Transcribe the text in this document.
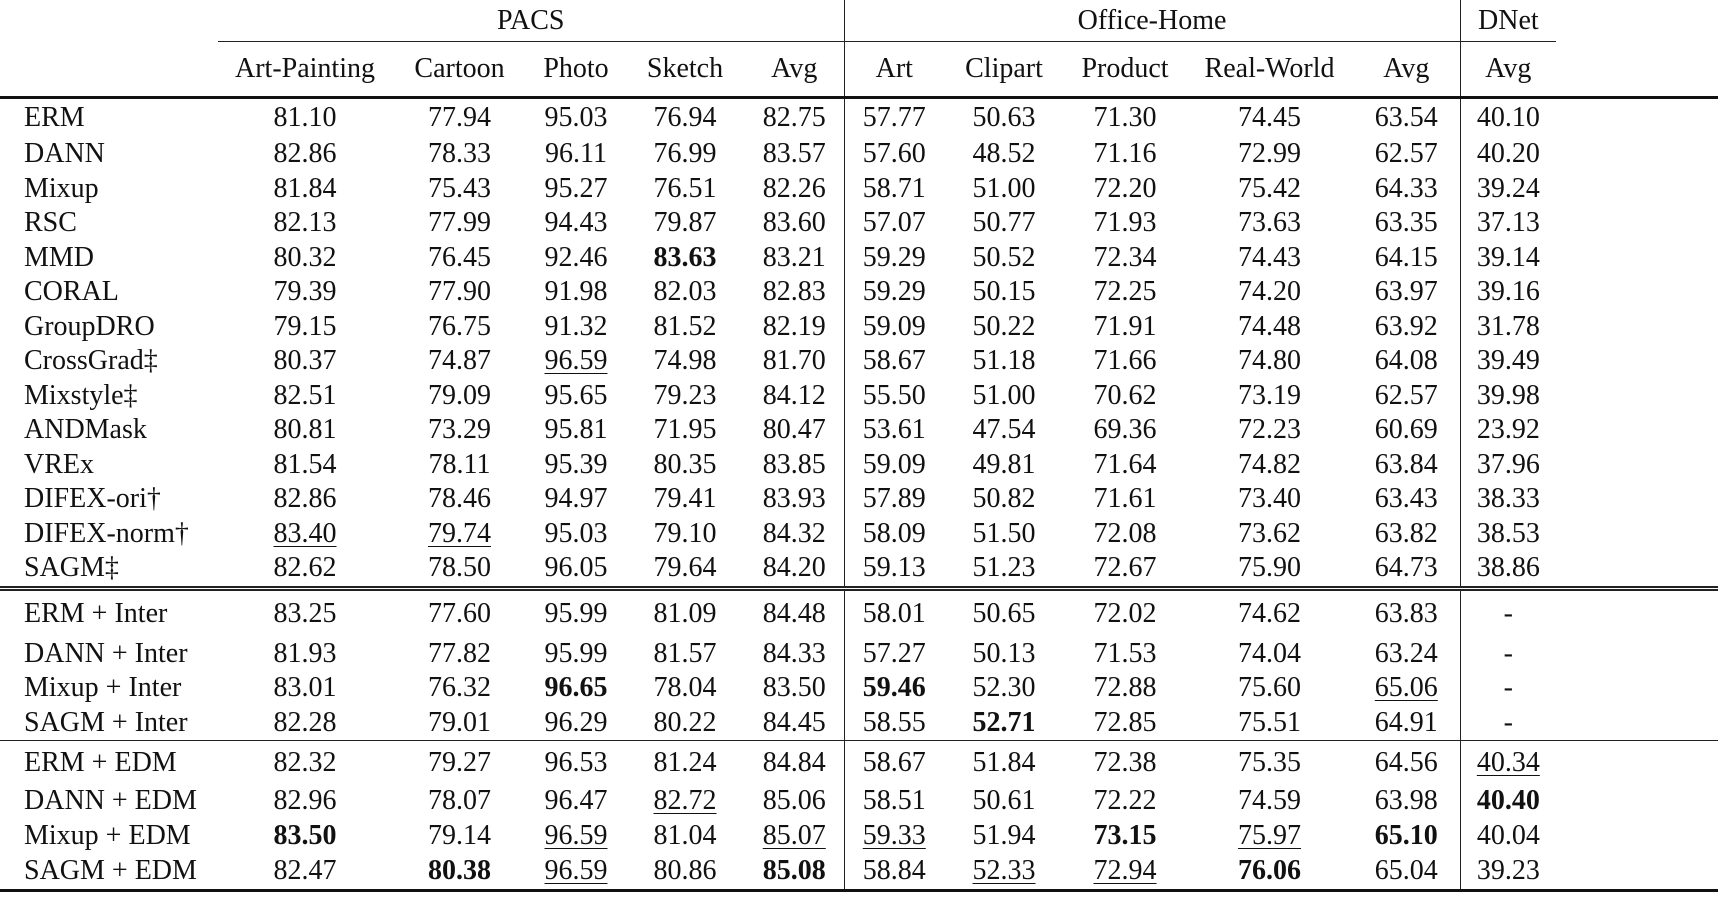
	PACS					Office-Home					DNet	
	Art-Painting	Cartoon	Photo	Sketch	Avg	Art	Clipart	Product	Real-World	Avg	Avg	
ERM	81.10	77.94	95.03	76.94	82.75	57.77	50.63	71.30	74.45	63.54	40.10	
DANN	82.86	78.33	96.11	76.99	83.57	57.60	48.52	71.16	72.99	62.57	40.20	
Mixup	81.84	75.43	95.27	76.51	82.26	58.71	51.00	72.20	75.42	64.33	39.24	
RSC	82.13	77.99	94.43	79.87	83.60	57.07	50.77	71.93	73.63	63.35	37.13	
MMD	80.32	76.45	92.46	83.63	83.21	59.29	50.52	72.34	74.43	64.15	39.14	
CORAL	79.39	77.90	91.98	82.03	82.83	59.29	50.15	72.25	74.20	63.97	39.16	
GroupDRO	79.15	76.75	91.32	81.52	82.19	59.09	50.22	71.91	74.48	63.92	31.78	
CrossGrad‡	80.37	74.87	96.59	74.98	81.70	58.67	51.18	71.66	74.80	64.08	39.49	
Mixstyle‡	82.51	79.09	95.65	79.23	84.12	55.50	51.00	70.62	73.19	62.57	39.98	
ANDMask	80.81	73.29	95.81	71.95	80.47	53.61	47.54	69.36	72.23	60.69	23.92	
VREx	81.54	78.11	95.39	80.35	83.85	59.09	49.81	71.64	74.82	63.84	37.96	
DIFEX-ori†	82.86	78.46	94.97	79.41	83.93	57.89	50.82	71.61	73.40	63.43	38.33	
DIFEX-norm†	83.40	79.74	95.03	79.10	84.32	58.09	51.50	72.08	73.62	63.82	38.53	
SAGM‡	82.62	78.50	96.05	79.64	84.20	59.13	51.23	72.67	75.90	64.73	38.86	
ERM + Inter	83.25	77.60	95.99	81.09	84.48	58.01	50.65	72.02	74.62	63.83	-	
DANN + Inter	81.93	77.82	95.99	81.57	84.33	57.27	50.13	71.53	74.04	63.24	-	
Mixup + Inter	83.01	76.32	96.65	78.04	83.50	59.46	52.30	72.88	75.60	65.06	-	
SAGM + Inter	82.28	79.01	96.29	80.22	84.45	58.55	52.71	72.85	75.51	64.91	-	
ERM + EDM	82.32	79.27	96.53	81.24	84.84	58.67	51.84	72.38	75.35	64.56	40.34	
DANN + EDM	82.96	78.07	96.47	82.72	85.06	58.51	50.61	72.22	74.59	63.98	40.40	
Mixup + EDM	83.50	79.14	96.59	81.04	85.07	59.33	51.94	73.15	75.97	65.10	40.04	
SAGM + EDM	82.47	80.38	96.59	80.86	85.08	58.84	52.33	72.94	76.06	65.04	39.23	
